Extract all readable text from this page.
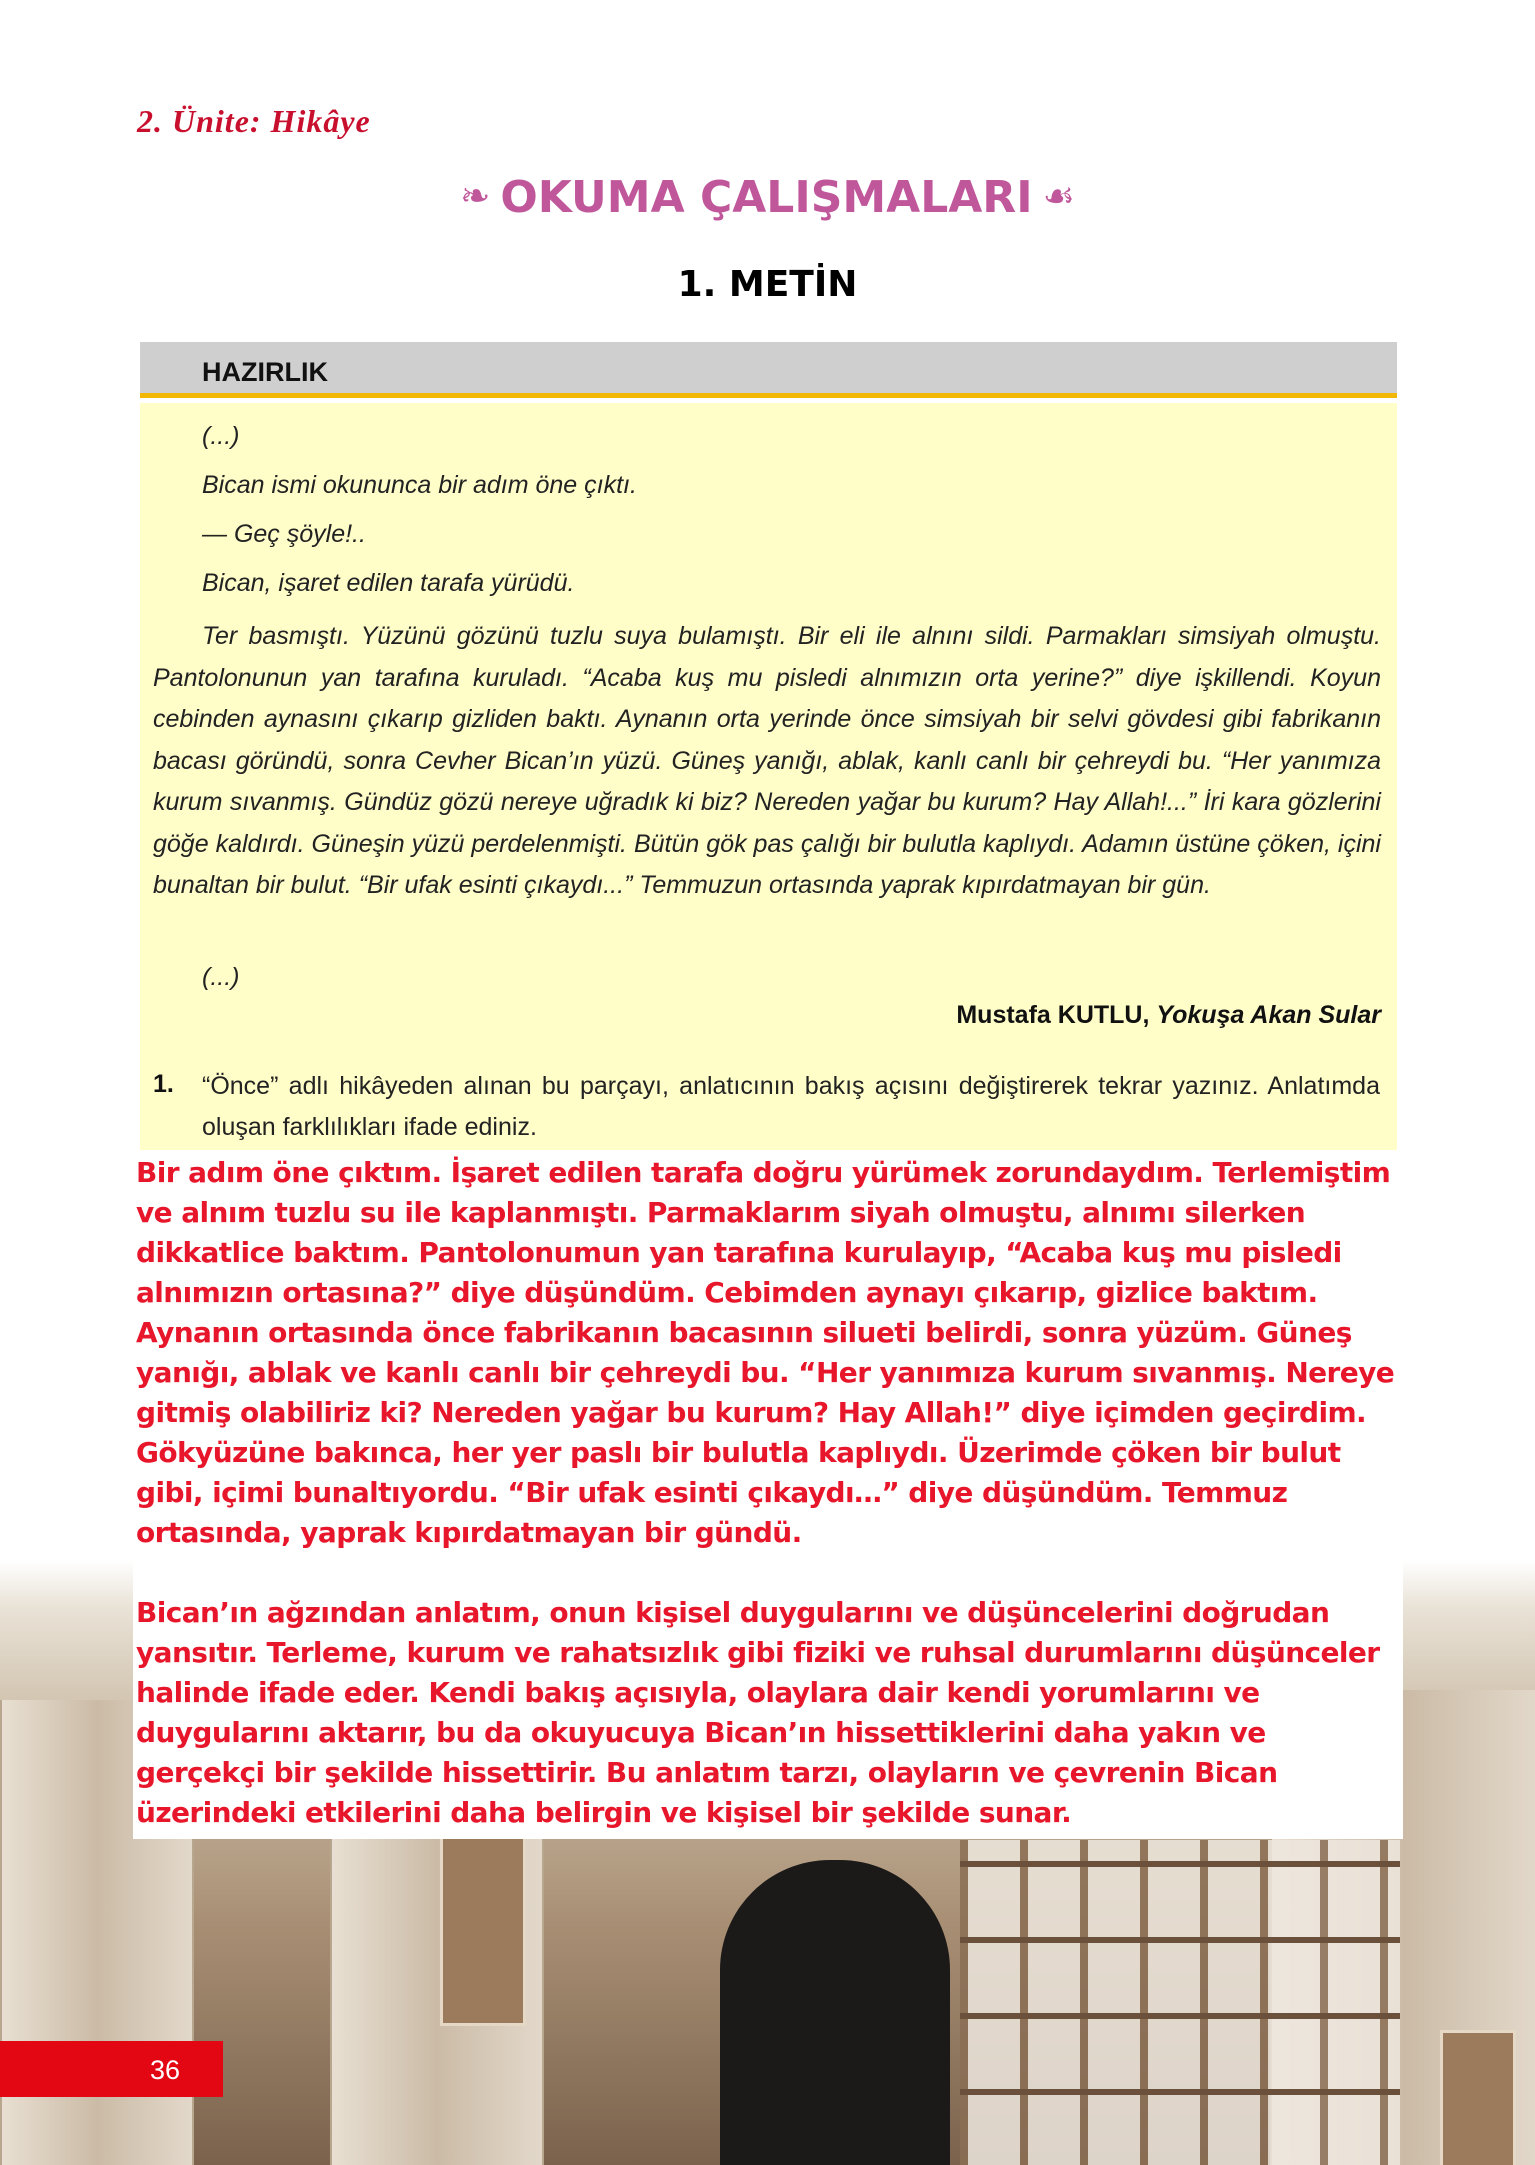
2. Ünite: Hikâye
❧ OKUMA ÇALIŞMALARI ☙
1. METİN
HAZIRLIK

(...)

Bican ismi okununca bir adım öne çıktı.

— Geç şöyle!..

Bican, işaret edilen tarafa yürüdü.

Ter basmıştı. Yüzünü gözünü tuzlu suya bulamıştı. Bir eli ile alnını sildi. Parmakları simsiyah olmuştu. Pantolonunun yan tarafına kuruladı. “Acaba kuş mu pisledi alnımızın orta yerine?” diye işkillendi. Koyun cebinden aynasını çıkarıp gizliden baktı. Aynanın orta yerinde önce simsiyah bir selvi gövdesi gibi fabrikanın bacası göründü, sonra Cevher Bican’ın yüzü. Güneş yanığı, ablak, kanlı canlı bir çehreydi bu. “Her yanımıza kurum sıvanmış. Gündüz gözü nereye uğradık ki biz? Nereden yağar bu kurum? Hay Allah!...” İri kara gözlerini göğe kaldırdı. Güneşin yüzü perdelenmişti. Bütün gök pas çalığı bir bulutla kaplıydı. Adamın üstüne çöken, içini bunaltan bir bulut. “Bir ufak esinti çıkaydı...” Temmuzun ortasında yaprak kıpırdatmayan bir gün.

(...)

Mustafa KUTLU, Yokuşa Akan Sular
1. “Önce” adlı hikâyeden alınan bu parçayı, anlatıcının bakış açısını değiştirerek tekrar yazınız. Anlatımda oluşan farklılıkları ifade ediniz.

Bir adım öne çıktım. İşaret edilen tarafa doğru yürümek zorundaydım. Terlemiştim ve alnım tuzlu su ile kaplanmıştı. Parmaklarım siyah olmuştu, alnımı silerken dikkatlice baktım. Pantolonumun yan tarafına kurulayıp, “Acaba kuş mu pisledi alnımızın ortasına?” diye düşündüm. Cebimden aynayı çıkarıp, gizlice baktım. Aynanın ortasında önce fabrikanın bacasının silueti belirdi, sonra yüzüm. Güneş yanığı, ablak ve kanlı canlı bir çehreydi bu. “Her yanımıza kurum sıvanmış. Nereye gitmiş olabiliriz ki? Nereden yağar bu kurum? Hay Allah!” diye içimden geçirdim. Gökyüzüne bakınca, her yer paslı bir bulutla kaplıydı. Üzerimde çöken bir bulut gibi, içimi bunaltıyordu. “Bir ufak esinti çıkaydı…” diye düşündüm. Temmuz ortasında, yaprak kıpırdatmayan bir gündü.

Bican’ın ağzından anlatım, onun kişisel duygularını ve düşüncelerini doğrudan yansıtır. Terleme, kurum ve rahatsızlık gibi fiziki ve ruhsal durumlarını düşünceler halinde ifade eder. Kendi bakış açısıyla, olaylara dair kendi yorumlarını ve duygularını aktarır, bu da okuyucuya Bican’ın hissettiklerini daha yakın ve gerçekçi bir şekilde hissettirir. Bu anlatım tarzı, olayların ve çevrenin Bican üzerindeki etkilerini daha belirgin ve kişisel bir şekilde sunar.

36
